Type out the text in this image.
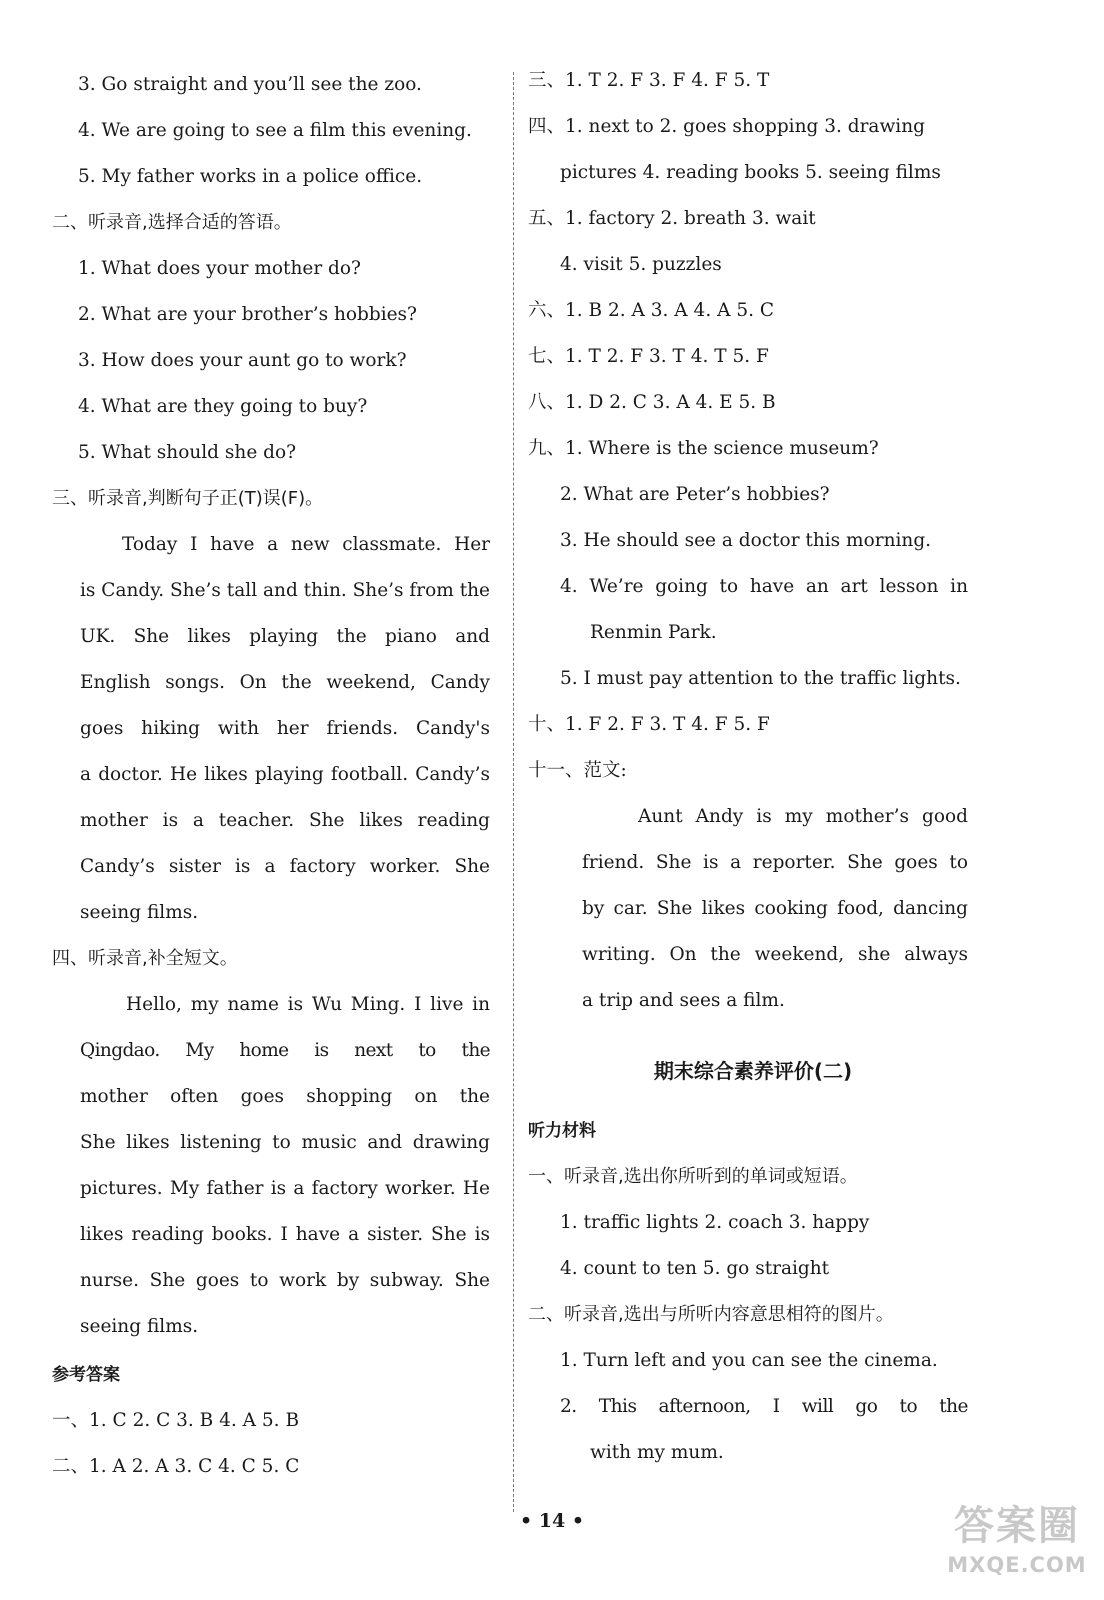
3. Go straight and you’ll see the zoo.
4. We are going to see a film this evening.
5. My father works in a police office.
二、听录音,选择合适的答语。
1. What does your mother do?
2. What are your brother’s hobbies?
3. How does your aunt go to work?
4. What are they going to buy?
5. What should she do?
三、听录音,判断句子正(T)误(F)。
Today I have a new classmate. Her
is Candy. She’s tall and thin. She’s from the
UK. She likes playing the piano and
English songs. On the weekend, Candy
goes hiking with her friends. Candy's
a doctor. He likes playing football. Candy’s
mother is a teacher. She likes reading
Candy’s sister is a factory worker. She
seeing films.
四、听录音,补全短文。
Hello, my name is Wu Ming. I live in
Qingdao. My home is next to the
mother often goes shopping on the
She likes listening to music and drawing
pictures. My father is a factory worker. He
likes reading books. I have a sister. She is
nurse. She goes to work by subway. She
seeing films.
参考答案
一、1. C 2. C 3. B 4. A 5. B
二、1. A 2. A 3. C 4. C 5. C
三、1. T 2. F 3. F 4. F 5. T
四、1. next to 2. goes shopping 3. drawing
pictures 4. reading books 5. seeing films
五、1. factory 2. breath 3. wait
4. visit 5. puzzles
六、1. B 2. A 3. A 4. A 5. C
七、1. T 2. F 3. T 4. T 5. F
八、1. D 2. C 3. A 4. E 5. B
九、1. Where is the science museum?
2. What are Peter’s hobbies?
3. He should see a doctor this morning.
4. We’re going to have an art lesson in
Renmin Park.
5. I must pay attention to the traffic lights.
十、1. F 2. F 3. T 4. F 5. F
十一、范文:
Aunt Andy is my mother’s good
friend. She is a reporter. She goes to
by car. She likes cooking food, dancing
writing. On the weekend, she always
a trip and sees a film.
期末综合素养评价(二)
听力材料
一、听录音,选出你所听到的单词或短语。
1. traffic lights 2. coach 3. happy
4. count to ten 5. go straight
二、听录音,选出与所听内容意思相符的图片。
1. Turn left and you can see the cinema.
2. This afternoon, I will go to the
with my mum.
• 14 •	答案圈
MXQE.COM
